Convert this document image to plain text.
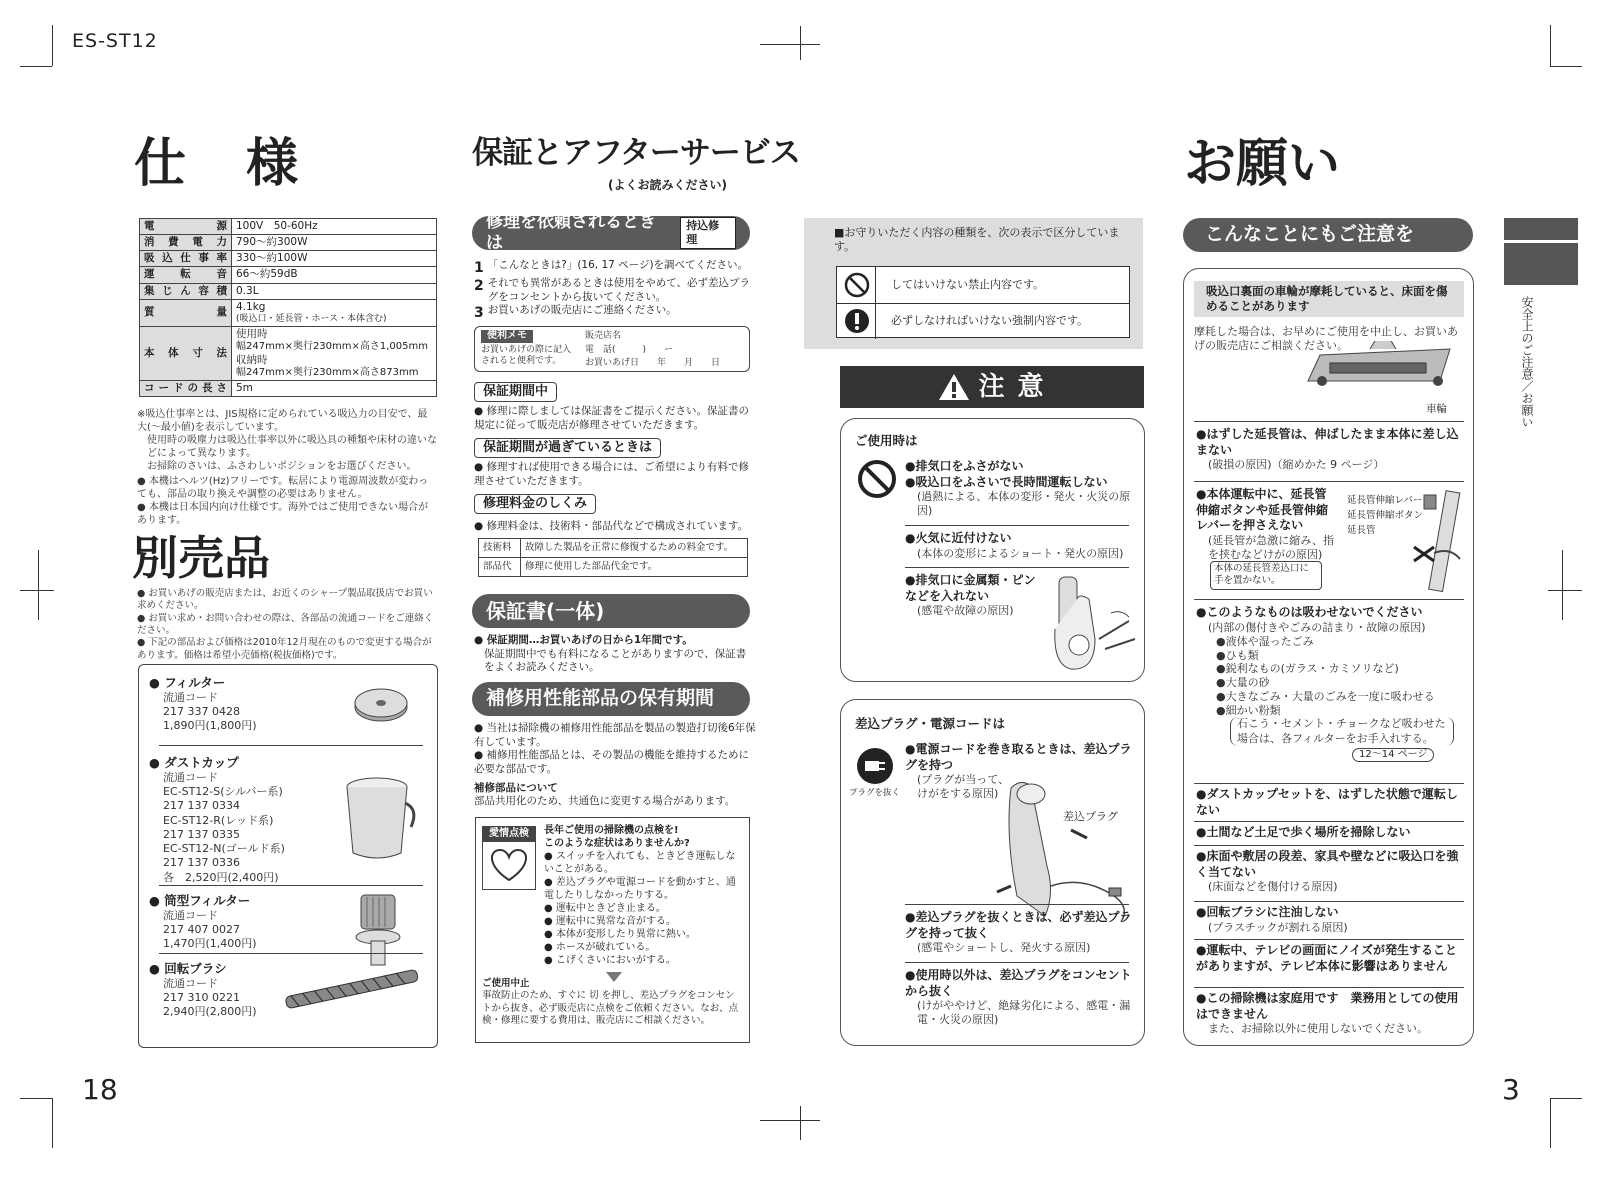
ES-ST12
18	3
仕　様
電　　源	100V　50-60Hz
消 費 電 力	790〜約300W
吸込仕事率	330〜約100W
運　転　音	66〜約59dB
集じん容積	0.3L
質　　量	4.1kg
(吸込口・延長管・ホース・本体含む)

本 体 寸 法	使用時
幅247mm×奥行230mm×高さ1,005mm
収納時
幅247mm×奥行230mm×高さ873mm

コードの長さ	5m
※吸込仕事率とは、JIS規格に定められている吸込力の目安で、最大(〜最小値)を表示しています。
使用時の吸塵力は吸込仕事率以外に吸込具の種類や床材の違いなどによって異なります。
お掃除のさいは、ふさわしいポジションをお選びください。
● 本機はヘルツ(Hz)フリーです。転居により電源周波数が変わっても、部品の取り換えや調整の必要はありません。
● 本機は日本国内向け仕様です。海外ではご使用できない場合があります。
別売品
● お買いあげの販売店または、お近くのシャープ製品取扱店でお買い求めください。
● お買い求め・お問い合わせの際は、各部品の流通コードをご連絡ください。
● 下記の部品および価格は2010年12月現在のもので変更する場合があります。価格は希望小売価格(税抜価格)です。
● フィルター
流通コード
217 337 0428
1,890円(1,800円)
● ダストカップ
流通コード
EC-ST12-S(シルバー系)
217 137 0334
EC-ST12-R(レッド系)
217 137 0335
EC-ST12-N(ゴールド系)
217 137 0336
各　2,520円(2,400円)
● 筒型フィルター
流通コード
217 407 0027
1,470円(1,400円)
● 回転ブラシ
流通コード
217 310 0221
2,940円(2,800円)
保証とアフターサービス
(よくお読みください)
修理を依頼されるときは
持込修理
1 「こんなときは?」(16, 17 ページ)を調べてください。
2 それでも異常があるときは使用をやめて、必ず差込プラグをコンセントから抜いてください。
3 お買いあげの販売店にご連絡ください。
便利メモ
お買いあげの際に記入されると便利です。
販売店名
電　話(　　　)　　ー
お買いあげ日　　年　　月　　日
保証期間中
● 修理に際しましては保証書をご提示ください。保証書の規定に従って販売店が修理させていただきます。
保証期間が過ぎているときは
● 修理すれば使用できる場合には、ご希望により有料で修理させていただきます。
修理料金のしくみ
● 修理料金は、技術料・部品代などで構成されています。
技術料	故障した製品を正常に修復するための料金です。
部品代	修理に使用した部品代金です。
保証書(一体)
● 保証期間…お買いあげの日から1年間です。
保証期間中でも有料になることがありますので、保証書をよくお読みください。
補修用性能部品の保有期間
● 当社は掃除機の補修用性能部品を製品の製造打切後6年保有しています。
● 補修用性能部品とは、その製品の機能を維持するために必要な部品です。
補修部品について
部品共用化のため、共通色に変更する場合があります。
愛情点検	長年ご使用の掃除機の点検を!
このような症状はありませんか?
● スイッチを入れても、ときどき運転しないことがある。
● 差込プラグや電源コードを動かすと、通電したりしなかったりする。
● 運転中ときどき止まる。
● 運転中に異常な音がする。
● 本体が変形したり異常に熱い。
● ホースが破れている。
● こげくさいにおいがする。
ご使用中止
事故防止のため、すぐに 切 を押し、差込プラグをコンセントから抜き、必ず販売店に点検をご依頼ください。なお、点検・修理に要する費用は、販売店にご相談ください。
■お守りいただく内容の種類を、次の表示で区分しています。
してはいけない禁止内容です。
必ずしなければいけない強制内容です。
注 意
ご使用時は
●排気口をふさがない
●吸込口をふさいで長時間運転しない
(過熱による、本体の変形・発火・火災の原因)
●火気に近付けない
(本体の変形によるショート・発火の原因)
●排気口に金属類・ピンなどを入れない
(感電や故障の原因)
差込プラグ・電源コードは
プラグを抜く
●電源コードを巻き取るときは、差込プラグを持つ
(プラグが当って、けがをする原因)
差込プラグ
●差込プラグを抜くときは、必ず差込プラグを持って抜く
(感電やショートし、発火する原因)
●使用時以外は、差込プラグをコンセントから抜く
(けがややけど、絶縁劣化による、感電・漏電・火災の原因)
お願い
こんなことにもご注意を
安全上のご注意／お願い
吸込口裏面の車輪が摩耗していると、床面を傷めることがあります
摩耗した場合は、お早めにご使用を中止し、お買いあげの販売店にご相談ください。
車輪
●はずした延長管は、伸ばしたまま本体に差し込まない
(破損の原因)（縮めかた 9 ページ）
●本体運転中に、延長管伸縮ボタンや延長管伸縮レバーを押さえない
(延長管が急激に縮み、指を挟むなどけがの原因)
延長管伸縮レバー
延長管伸縮ボタン
延長管
本体の延長管差込口に手を置かない。
●このようなものは吸わせないでください
(内部の傷付きやごみの詰まり・故障の原因)
●液体や湿ったごみ
●ひも類
●鋭利なもの(ガラス・カミソリなど)
●大量の砂
●大きなごみ・大量のごみを一度に吸わせる
●細かい粉類
石こう・セメント・チョークなど吸わせた場合は、各フィルターをお手入れする。
12〜14 ページ
●ダストカップセットを、はずした状態で運転しない
●土間など土足で歩く場所を掃除しない
●床面や敷居の段差、家具や壁などに吸込口を強く当てない
(床面などを傷付ける原因)
●回転ブラシに注油しない
(プラスチックが割れる原因)
●運転中、テレビの画面にノイズが発生することがありますが、テレビ本体に影響はありません
●この掃除機は家庭用です　業務用としての使用はできません
また、お掃除以外に使用しないでください。
